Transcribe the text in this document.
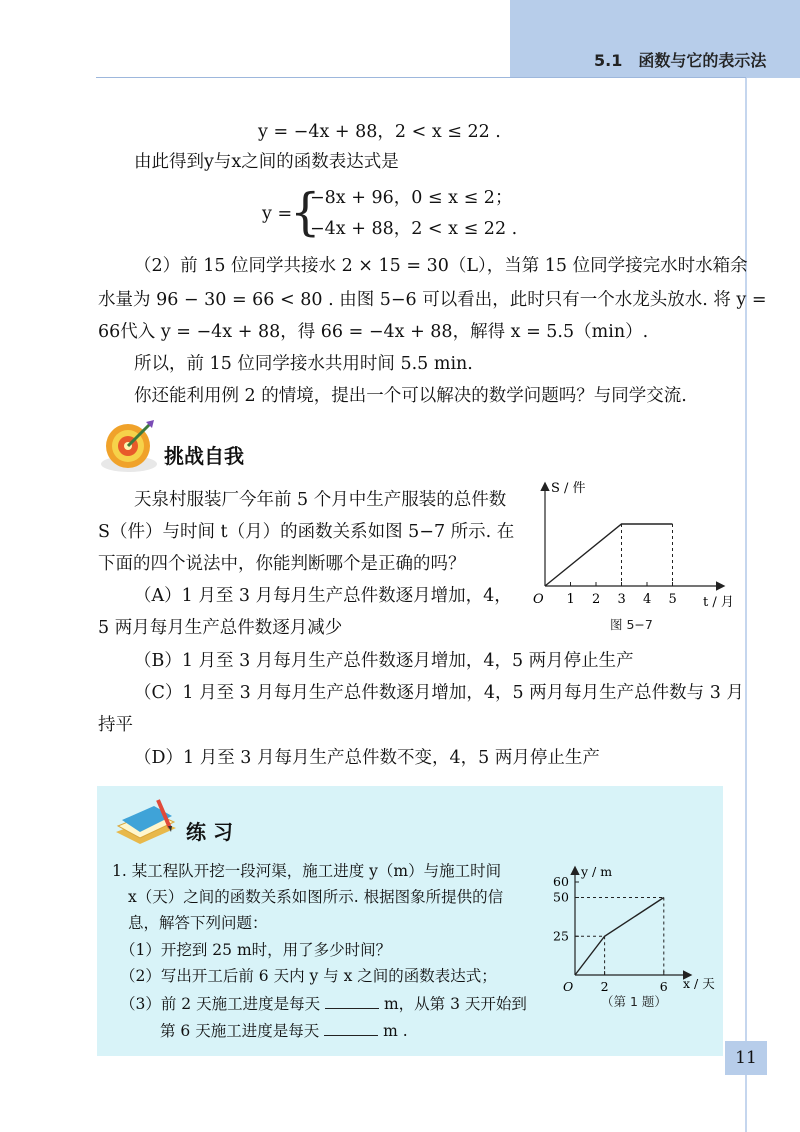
5.1 函数与它的表示法
y = −4x + 88，2 < x ≤ 22 .
由此得到y与x之间的函数表达式是
y =
{
−8x + 96，0 ≤ x ≤ 2；
−4x + 88，2 < x ≤ 22 .
（2）前 15 位同学共接水 2 × 15 = 30（L），当第 15 位同学接完水时水箱余
水量为 96 − 30 = 66 < 80 . 由图 5−6 可以看出，此时只有一个水龙头放水. 将 y =
66代入 y = −4x + 88，得 66 = −4x + 88，解得 x = 5.5（min）.
所以，前 15 位同学接水共用时间 5.5 min.
你还能利用例 2 的情境，提出一个可以解决的数学问题吗？与同学交流.
挑战自我
天泉村服装厂今年前 5 个月中生产服装的总件数
S（件）与时间 t（月）的函数关系如图 5−7 所示. 在
下面的四个说法中，你能判断哪个是正确的吗？
（A）1 月至 3 月每月生产总件数逐月增加，4，
5 两月每月生产总件数逐月减少
（B）1 月至 3 月每月生产总件数逐月增加，4，5 两月停止生产
（C）1 月至 3 月每月生产总件数逐月增加，4，5 两月每月生产总件数与 3 月
持平
（D）1 月至 3 月每月生产总件数不变，4，5 两月停止生产
S / 件
O 1 2 3 4 5 t / 月
图 5−7
练 习
1. 某工程队开挖一段河渠，施工进度 y（m）与施工时间
x（天）之间的函数关系如图所示. 根据图象所提供的信
息，解答下列问题：
（1）开挖到 25 m时，用了多少时间？
（2）写出开工后前 6 天内 y 与 x 之间的函数表达式；
（3）前 2 天施工进度是每天	m，从第 3 天开始到
第 6 天施工进度是每天	m .
y / m
O 2	6
25
50
60
x / 天
（第 1 题）
11
